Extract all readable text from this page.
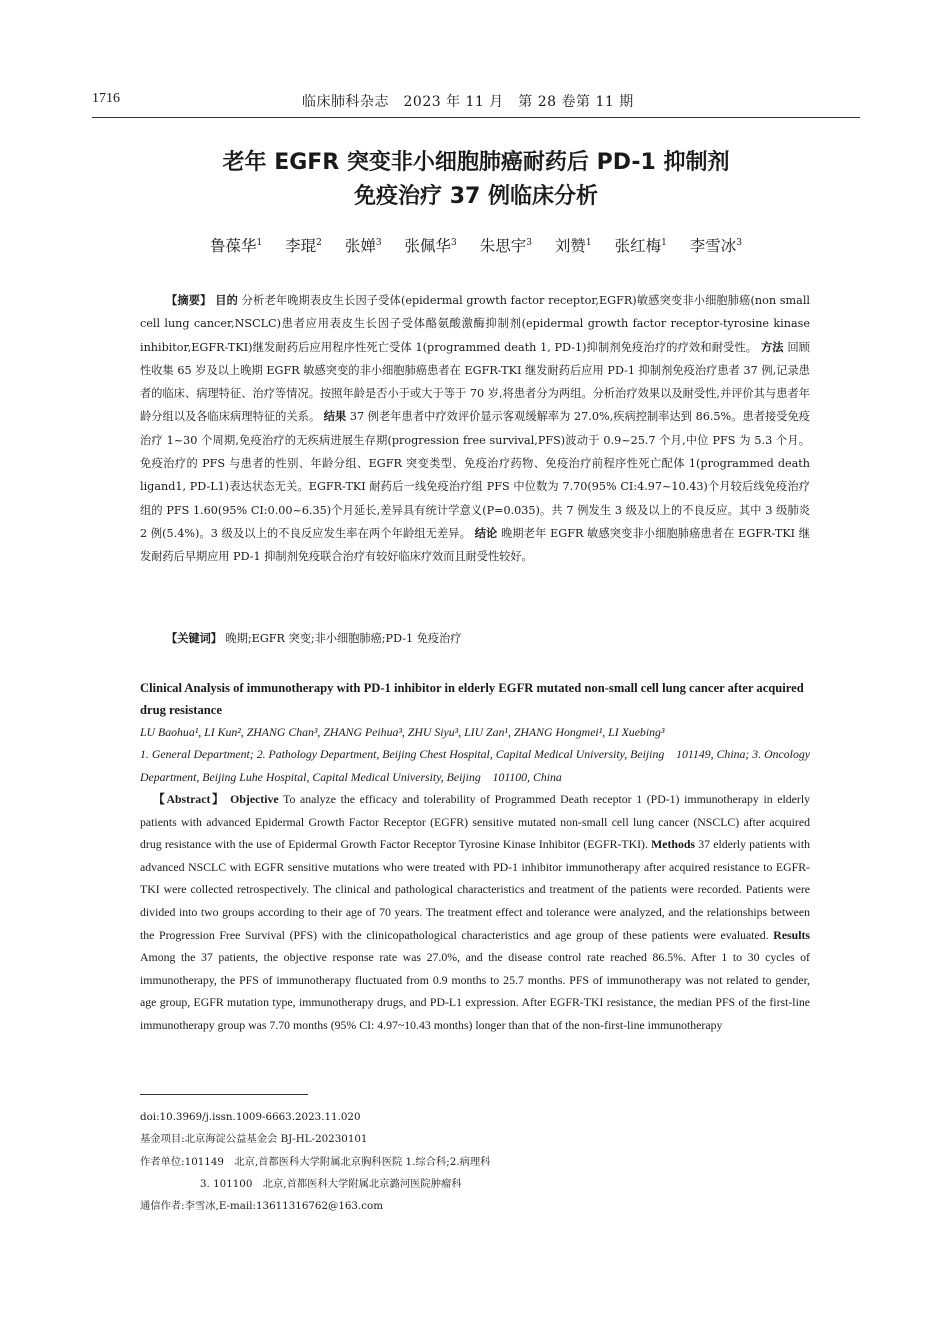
1716	临床肺科杂志　2023 年 11 月　第 28 卷第 11 期
老年 EGFR 突变非小细胞肺癌耐药后 PD-1 抑制剂
免疫治疗 37 例临床分析
鲁葆华$^1$ 李琨$^2$ 张婵$^3$ 张佩华$^3$ 朱思宇$^3$ 刘赞$^1$ 张红梅$^1$ 李雪冰$^3$
【摘要】 目的 分析老年晚期表皮生长因子受体(epidermal growth factor receptor,EGFR)敏感突变非小细胞肺癌(non small cell lung cancer,NSCLC)患者应用表皮生长因子受体酪氨酸激酶抑制剂(epidermal growth factor receptor-tyrosine kinase inhibitor,EGFR-TKI)继发耐药后应用程序性死亡受体 1(programmed death 1, PD-1)抑制剂免疫治疗的疗效和耐受性。 方法 回顾性收集 65 岁及以上晚期 EGFR 敏感突变的非小细胞肺癌患者在 EGFR-TKI 继发耐药后应用 PD-1 抑制剂免疫治疗患者 37 例,记录患者的临床、病理特征、治疗等情况。按照年龄是否小于或大于等于 70 岁,将患者分为两组。分析治疗效果以及耐受性,并评价其与患者年龄分组以及各临床病理特征的关系。 结果 37 例老年患者中疗效评价显示客观缓解率为 27.0%,疾病控制率达到 86.5%。患者接受免疫治疗 1~30 个周期,免疫治疗的无疾病进展生存期(progression free survival,PFS)波动于 0.9~25.7 个月,中位 PFS 为 5.3 个月。免疫治疗的 PFS 与患者的性别、年龄分组、EGFR 突变类型、免疫治疗药物、免疫治疗前程序性死亡配体 1(programmed death ligand1, PD-L1)表达状态无关。EGFR-TKI 耐药后一线免疫治疗组 PFS 中位数为 7.70(95% CI:4.97~10.43)个月较后线免疫治疗组的 PFS 1.60(95% CI:0.00~6.35)个月延长,差异具有统计学意义(P=0.035)。共 7 例发生 3 级及以上的不良反应。其中 3 级肺炎 2 例(5.4%)。3 级及以上的不良反应发生率在两个年龄组无差异。 结论 晚期老年 EGFR 敏感突变非小细胞肺癌患者在 EGFR-TKI 继发耐药后早期应用 PD-1 抑制剂免疫联合治疗有较好临床疗效而且耐受性较好。
【关键词】 晚期;EGFR 突变;非小细胞肺癌;PD-1 免疫治疗
Clinical Analysis of immunotherapy with PD-1 inhibitor in elderly EGFR mutated non-small cell lung cancer after acquired drug resistance
LU Baohua¹, LI Kun², ZHANG Chan³, ZHANG Peihua³, ZHU Siyu³, LIU Zan¹, ZHANG Hongmei¹, LI Xuebing³
1. General Department; 2. Pathology Department, Beijing Chest Hospital, Capital Medical University, Beijing　101149, China; 3. Oncology Department, Beijing Luhe Hospital, Capital Medical University, Beijing　101100, China
【Abstract】 Objective To analyze the efficacy and tolerability of Programmed Death receptor 1 (PD-1) immunotherapy in elderly patients with advanced Epidermal Growth Factor Receptor (EGFR) sensitive mutated non-small cell lung cancer (NSCLC) after acquired drug resistance with the use of Epidermal Growth Factor Receptor Tyrosine Kinase Inhibitor (EGFR-TKI). Methods 37 elderly patients with advanced NSCLC with EGFR sensitive mutations who were treated with PD-1 inhibitor immunotherapy after acquired resistance to EGFR-TKI were collected retrospectively. The clinical and pathological characteristics and treatment of the patients were recorded. Patients were divided into two groups according to their age of 70 years. The treatment effect and tolerance were analyzed, and the relationships between the Progression Free Survival (PFS) with the clinicopathological characteristics and age group of these patients were evaluated. Results Among the 37 patients, the objective response rate was 27.0%, and the disease control rate reached 86.5%. After 1 to 30 cycles of immunotherapy, the PFS of immunotherapy fluctuated from 0.9 months to 25.7 months. PFS of immunotherapy was not related to gender, age group, EGFR mutation type, immunotherapy drugs, and PD-L1 expression. After EGFR-TKI resistance, the median PFS of the first-line immunotherapy group was 7.70 months (95% CI: 4.97~10.43 months) longer than that of the non-first-line immunotherapy
doi:10.3969/j.issn.1009-6663.2023.11.020
基金项目:北京海淀公益基金会 BJ-HL-20230101
作者单位:101149　北京,首都医科大学附属北京胸科医院 1.综合科;2.病理科
3. 101100　北京,首都医科大学附属北京潞河医院肿瘤科
通信作者:李雪冰,E-mail:13611316762@163.com
